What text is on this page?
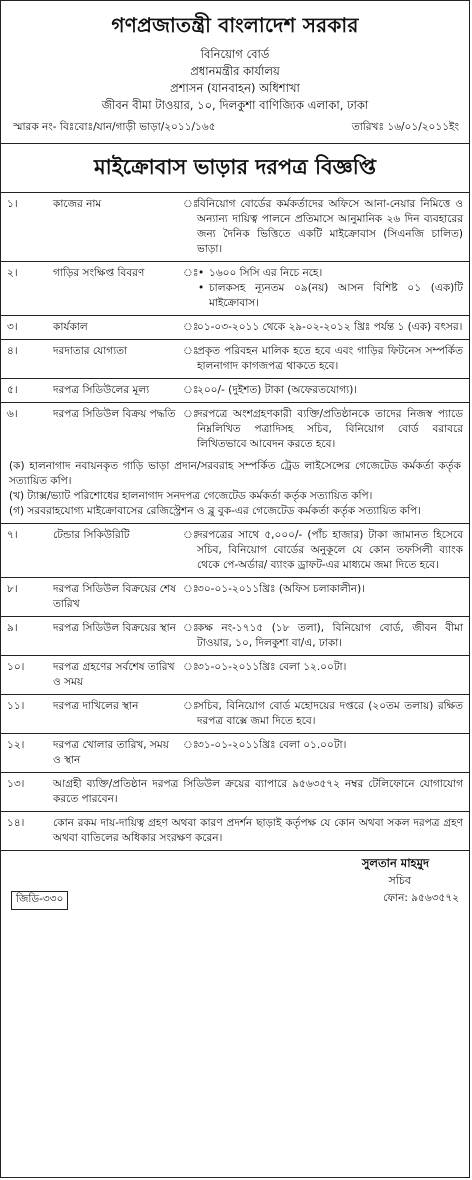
গণপ্রজাতন্ত্রী বাংলাদেশ সরকার
বিনিয়োগ বোর্ড
প্রধানমন্ত্রীর কার্যালয়
প্রশাসন (যানবাহন) অধিশাখা
জীবন বীমা টাওয়ার, ১০, দিলকুশা বাণিজ্যিক এলাকা, ঢাকা
স্মারক নং- বিঃবোঃ/যান/গাড়ী ভাড়া/২০১১/১৬৫	তারিখঃ ১৬/০১/২০১১ইং
মাইক্রোবাস ভাড়ার দরপত্র বিজ্ঞপ্তি
১।	কাজের নাম	ঃ
বিনিয়োগ বোর্ডের কর্মকর্তাদের অফিসে আনা-নেয়ার নিমিত্তে ও অন্যান্য দায়িত্ব পালনে প্রতিমাসে আনুমানিক ২৬ দিন ব্যবহারের জন্য দৈনিক ভিত্তিতে একটি মাইক্রোবাস (সিএনজি চালিত) ভাড়া।
২।	গাড়ির সংক্ষিপ্ত বিবরণ	ঃ
• ১৬০০ সিসি এর নিচে নহে।
• চালকসহ ন্যূনতম ০৯(নয়) আসন বিশিষ্ট ০১ (এক)টি মাইক্রোবাস।
৩।	কার্যকাল	ঃ
০১-০৩-২০১১ থেকে ২৯-০২-২০১২ খ্রিঃ পর্যন্ত ১ (এক) বৎসর।
৪।	দরদাতার যোগ্যতা	ঃ
প্রকৃত পরিবহন মালিক হতে হবে এবং গাড়ির ফিটনেস সম্পর্কিত হালনাগাদ কাগজপত্র থাকতে হবে।
৫।	দরপত্র সিডিউলের মূল্য	ঃ
২০০/- (দুইশত) টাকা (অফেরতযোগ্য)।
৬।	দরপত্র সিডিউল বিক্রয় পদ্ধতি ঃ
দরপত্রে অংশগ্রহণকারী ব্যক্তি/প্রতিষ্ঠানকে তাদের নিজস্ব প্যাডে নিম্নলিখিত পত্রাদিসহ সচিব, বিনিয়োগ বোর্ড বরাবরে লিখিতভাবে আবেদন করতে হবে।
(ক) হালনাগাদ নবায়নকৃত গাড়ি ভাড়া প্রদান/সরবরাহ সম্পর্কিত ট্রেড লাইসেন্সের গেজেটেড কর্মকর্তা কর্তৃক সত্যায়িত কপি।
(খ) ট্যাক্স/ভ্যাট পরিশোধের হালনাগাদ সনদপত্র গেজেটেড কর্মকর্তা কর্তৃক সত্যায়িত কপি।
(গ) সরবরাহযোগ্য মাইক্রোবাসের রেজিস্ট্রেশন ও ব্লু বুক-এর গেজেটেড কর্মকর্তা কর্তৃক সত্যায়িত কপি।
৭।	টেন্ডার সিকিউরিটি	ঃ
দরপত্রের সাথে ৫,০০০/- (পাঁচ হাজার) টাকা জামানত হিসেবে সচিব, বিনিয়োগ বোর্ডের অনুকূলে যে কোন তফসিলী ব্যাংক থেকে পে-অর্ডার/ ব্যাংক ড্রাফট-এর মাধ্যমে জমা দিতে হবে।
৮।	দরপত্র সিডিউল বিক্রয়ের শেষ তারিখ
ঃ
৩০-০১-২০১১খ্রিঃ (অফিস চলাকালীন)।
৯।	দরপত্র সিডিউল বিক্রয়ের স্থান ঃ
কক্ষ নং-১৭১৫ (১৮ তলা), বিনিয়োগ বোর্ড, জীবন বীমা টাওয়ার, ১০, দিলকুশা বা/এ, ঢাকা।
১০।	দরপত্র গ্রহণের সর্বশেষ তারিখ ও সময়
ঃ
৩১-০১-২০১১খ্রিঃ বেলা ১২.০০টা।
১১।	দরপত্র দাখিলের স্থান	ঃ
সচিব, বিনিয়োগ বোর্ড মহোদয়ের দপ্তরে (২০তম তলায়) রক্ষিত দরপত্র বাক্সে জমা দিতে হবে।
১২।	দরপত্র খোলার তারিখ, সময় ও স্থান
ঃ
৩১-০১-২০১১খ্রিঃ বেলা ০১.০০টা।
১৩।	আগ্রহী ব্যক্তি/প্রতিষ্ঠান দরপত্র সিডিউল ক্রয়ের ব্যাপারে ৯৫৬৩৫৭২ নম্বর টেলিফোনে যোগাযোগ করতে পারবেন।
১৪।	কোন রকম দায়-দায়িত্ব গ্রহণ অথবা কারণ প্রদর্শন ছাড়াই কর্তৃপক্ষ যে কোন অথবা সকল দরপত্র গ্রহণ অথবা বাতিলের অধিকার সংরক্ষণ করেন।
সুলতান মাহমুদ
সচিব
জিডি-৩৩০	ফোন: ৯৫৬৩৫৭২
